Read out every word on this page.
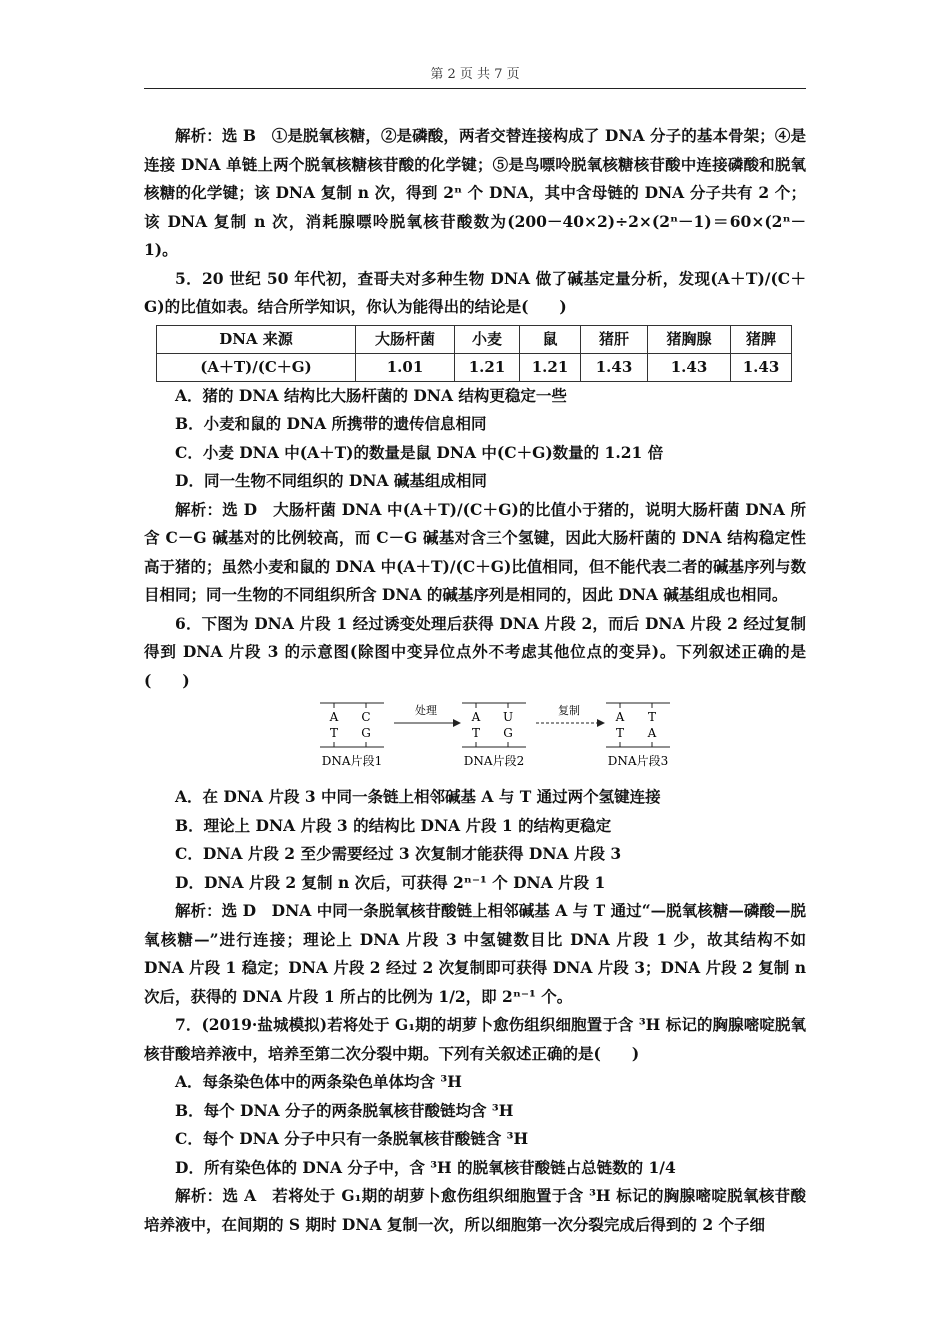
第 2 页 共 7 页
解析：选 B　①是脱氧核糖，②是磷酸，两者交替连接构成了 DNA 分子的基本骨架；④是连接 DNA 单链上两个脱氧核糖核苷酸的化学键；⑤是鸟嘌呤脱氧核糖核苷酸中连接磷酸和脱氧核糖的化学键；该 DNA 复制 n 次，得到 2ⁿ 个 DNA，其中含母链的 DNA 分子共有 2 个；该 DNA 复制 n 次，消耗腺嘌呤脱氧核苷酸数为(200－40×2)÷2×(2ⁿ－1)＝60×(2ⁿ－1)。
5．20 世纪 50 年代初，查哥夫对多种生物 DNA 做了碱基定量分析，发现(A＋T)/(C＋G)的比值如表。结合所学知识，你认为能得出的结论是(　　)
DNA 来源	大肠杆菌	小麦	鼠	猪肝	猪胸腺	猪脾
(A＋T)/(C＋G)	1.01	1.21	1.21	1.43	1.43	1.43
A．猪的 DNA 结构比大肠杆菌的 DNA 结构更稳定一些
B．小麦和鼠的 DNA 所携带的遗传信息相同
C．小麦 DNA 中(A＋T)的数量是鼠 DNA 中(C＋G)数量的 1.21 倍
D．同一生物不同组织的 DNA 碱基组成相同
解析：选 D　大肠杆菌 DNA 中(A＋T)/(C＋G)的比值小于猪的，说明大肠杆菌 DNA 所含 C－G 碱基对的比例较高，而 C－G 碱基对含三个氢键，因此大肠杆菌的 DNA 结构稳定性高于猪的；虽然小麦和鼠的 DNA 中(A＋T)/(C＋G)比值相同，但不能代表二者的碱基序列与数目相同；同一生物的不同组织所含 DNA 的碱基序列是相同的，因此 DNA 碱基组成也相同。
6．下图为 DNA 片段 1 经过诱变处理后获得 DNA 片段 2，而后 DNA 片段 2 经过复制得到 DNA 片段 3 的示意图(除图中变异位点外不考虑其他位点的变异)。下列叙述正确的是(　　)
A C
T G
DNA片段1
处理	A U
T G
DNA片段2
复制	A T
T A
DNA片段3
A．在 DNA 片段 3 中同一条链上相邻碱基 A 与 T 通过两个氢键连接
B．理论上 DNA 片段 3 的结构比 DNA 片段 1 的结构更稳定
C．DNA 片段 2 至少需要经过 3 次复制才能获得 DNA 片段 3
D．DNA 片段 2 复制 n 次后，可获得 2ⁿ⁻¹ 个 DNA 片段 1
解析：选 D　DNA 中同一条脱氧核苷酸链上相邻碱基 A 与 T 通过“—脱氧核糖—磷酸—脱氧核糖—”进行连接；理论上 DNA 片段 3 中氢键数目比 DNA 片段 1 少，故其结构不如 DNA 片段 1 稳定；DNA 片段 2 经过 2 次复制即可获得 DNA 片段 3；DNA 片段 2 复制 n 次后，获得的 DNA 片段 1 所占的比例为 1/2，即 2ⁿ⁻¹ 个。
7．(2019·盐城模拟)若将处于 G₁期的胡萝卜愈伤组织细胞置于含 ³H 标记的胸腺嘧啶脱氧核苷酸培养液中，培养至第二次分裂中期。下列有关叙述正确的是(　　)
A．每条染色体中的两条染色单体均含 ³H
B．每个 DNA 分子的两条脱氧核苷酸链均含 ³H
C．每个 DNA 分子中只有一条脱氧核苷酸链含 ³H
D．所有染色体的 DNA 分子中，含 ³H 的脱氧核苷酸链占总链数的 1/4
解析：选 A　若将处于 G₁期的胡萝卜愈伤组织细胞置于含 ³H 标记的胸腺嘧啶脱氧核苷酸培养液中，在间期的 S 期时 DNA 复制一次，所以细胞第一次分裂完成后得到的 2 个子细
